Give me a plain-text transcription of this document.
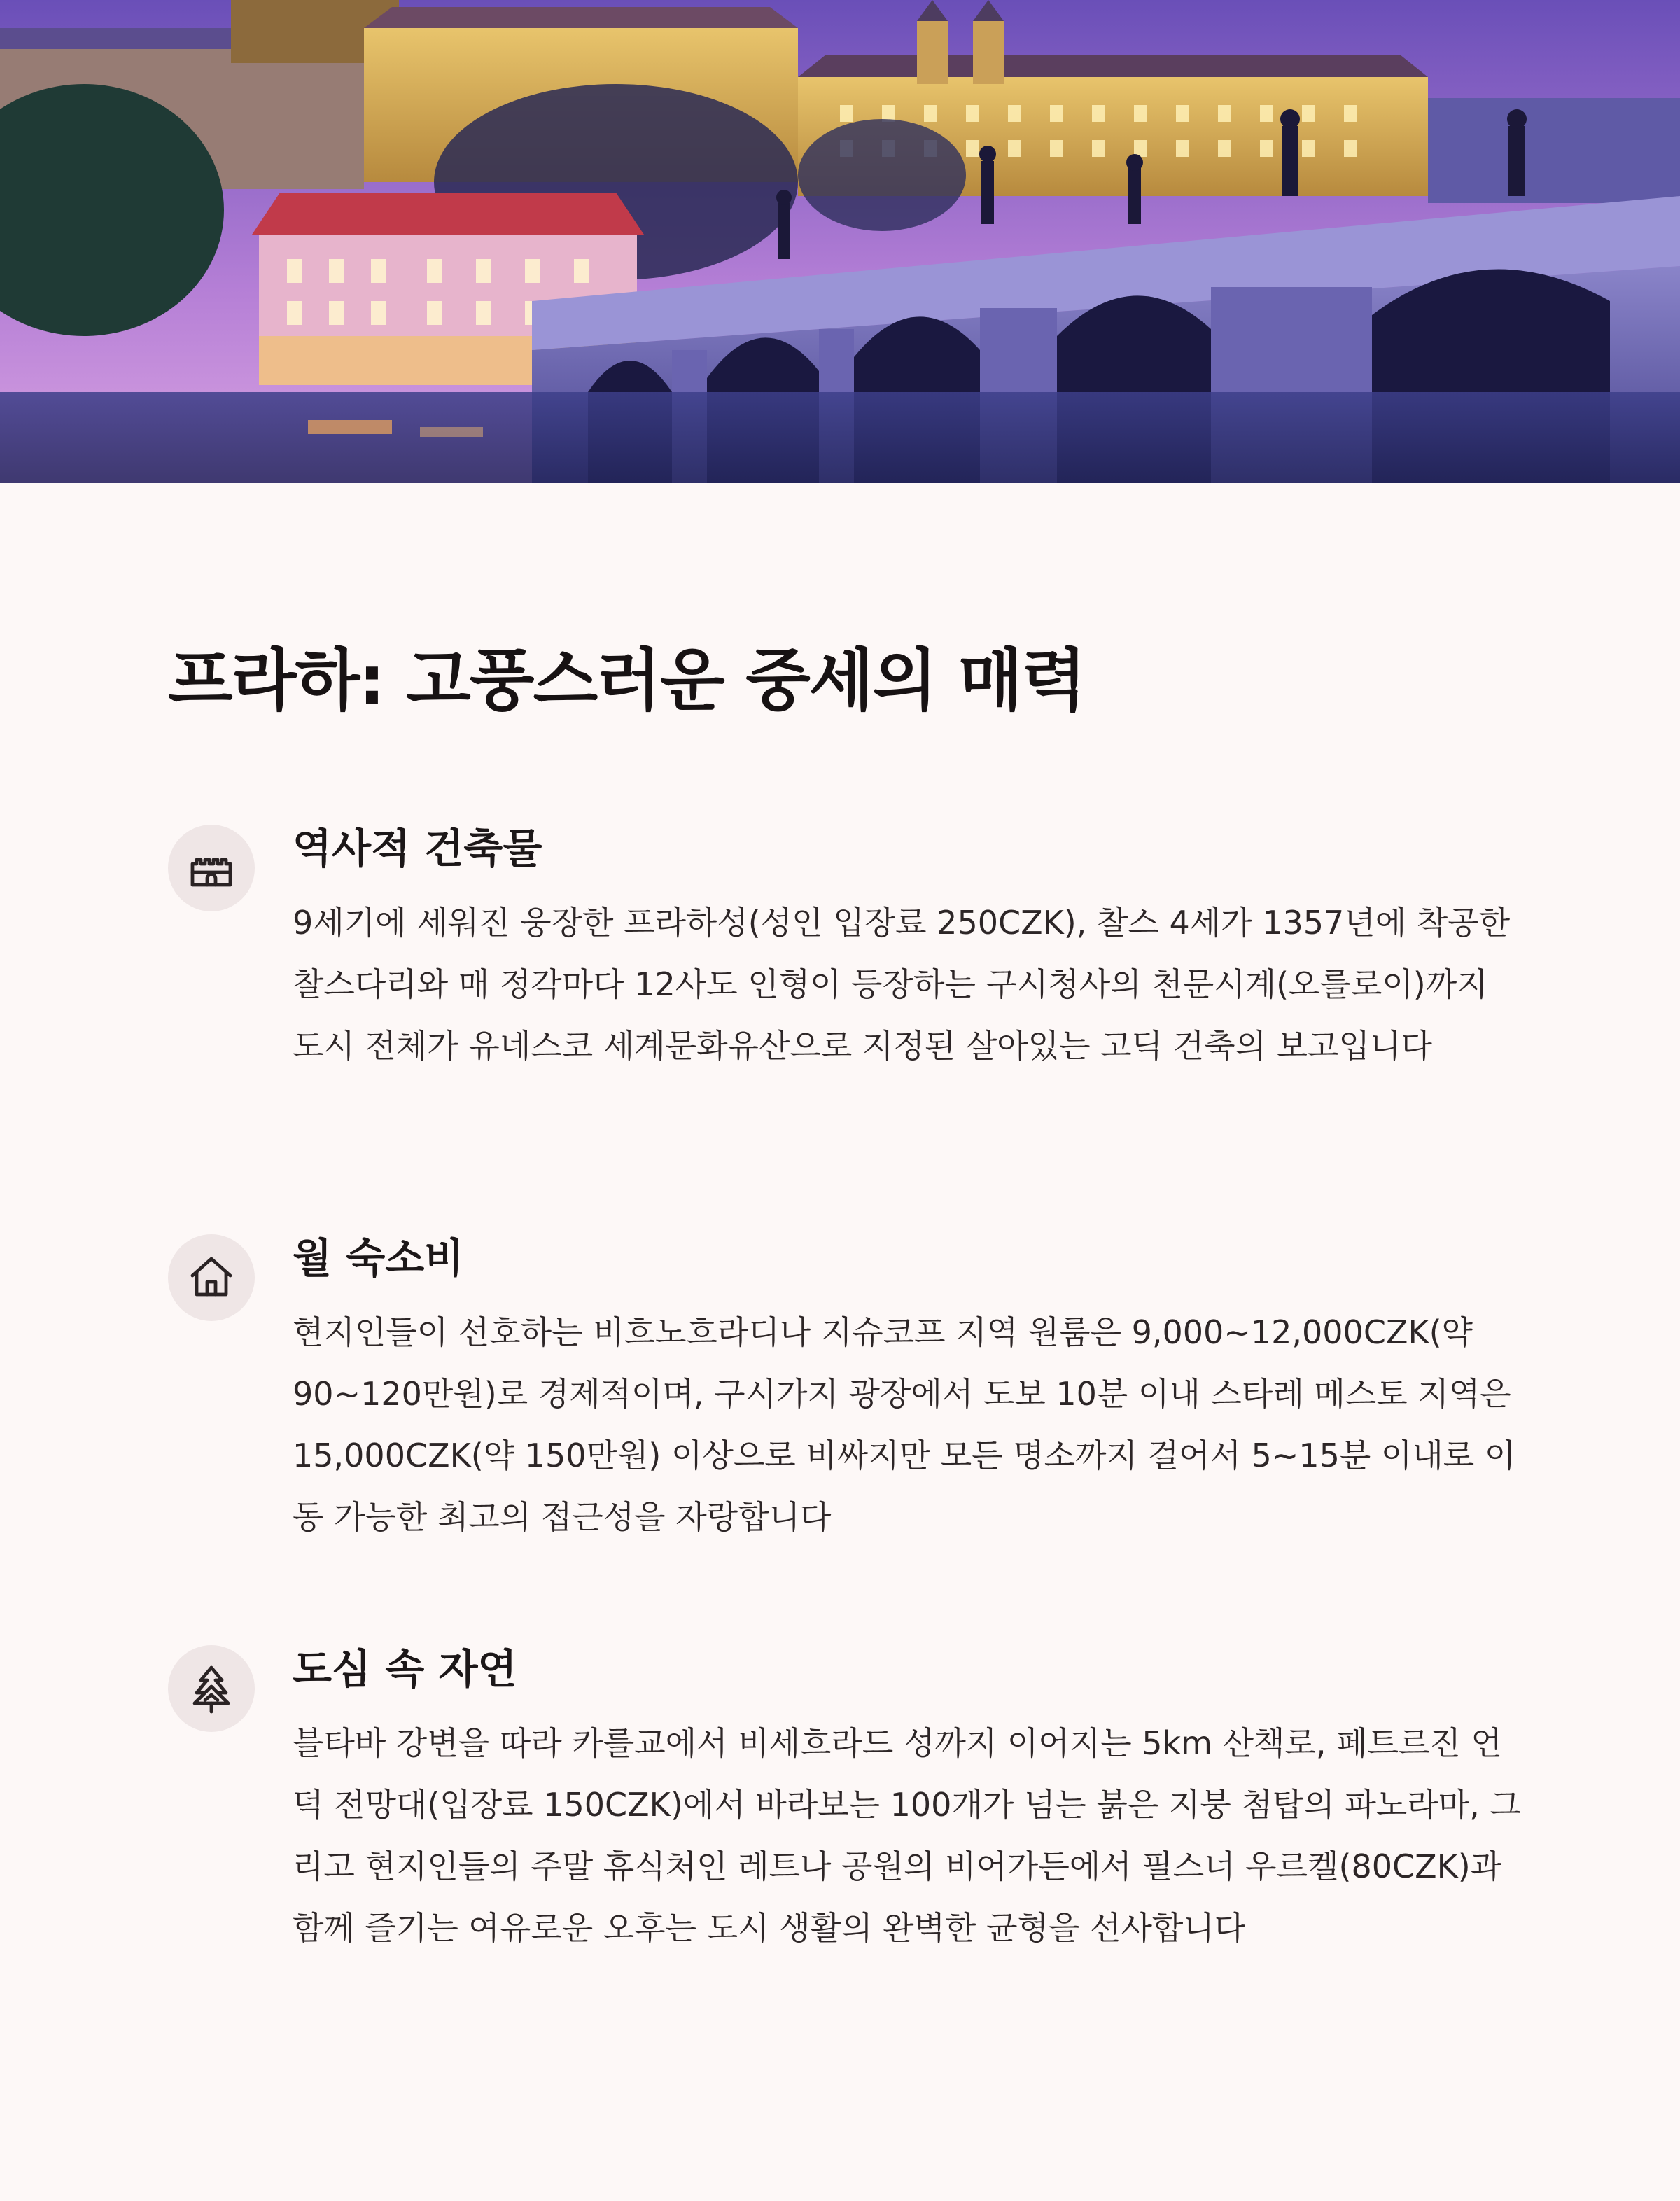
프라하: 고풍스러운 중세의 매력
역사적 건축물

9세기에 세워진 웅장한 프라하성(성인 입장료 250CZK), 찰스 4세가 1357년에 착공한 찰스다리와 매 정각마다 12사도 인형이 등장하는 구시청사의 천문시계(오를로이)까지 도시 전체가 유네스코 세계문화유산으로 지정된 살아있는 고딕 건축의 보고입니다

월 숙소비

현지인들이 선호하는 비흐노흐라디나 지슈코프 지역 원룸은 9,000~12,000CZK(약 90~120만원)로 경제적이며, 구시가지 광장에서 도보 10분 이내 스타레 메스토 지역은 15,000CZK(약 150만원) 이상으로 비싸지만 모든 명소까지 걸어서 5~15분 이내로 이동 가능한 최고의 접근성을 자랑합니다

도심 속 자연

블타바 강변을 따라 카를교에서 비세흐라드 성까지 이어지는 5km 산책로, 페트르진 언덕 전망대(입장료 150CZK)에서 바라보는 100개가 넘는 붉은 지붕 첨탑의 파노라마, 그리고 현지인들의 주말 휴식처인 레트나 공원의 비어가든에서 필스너 우르켈(80CZK)과 함께 즐기는 여유로운 오후는 도시 생활의 완벽한 균형을 선사합니다
